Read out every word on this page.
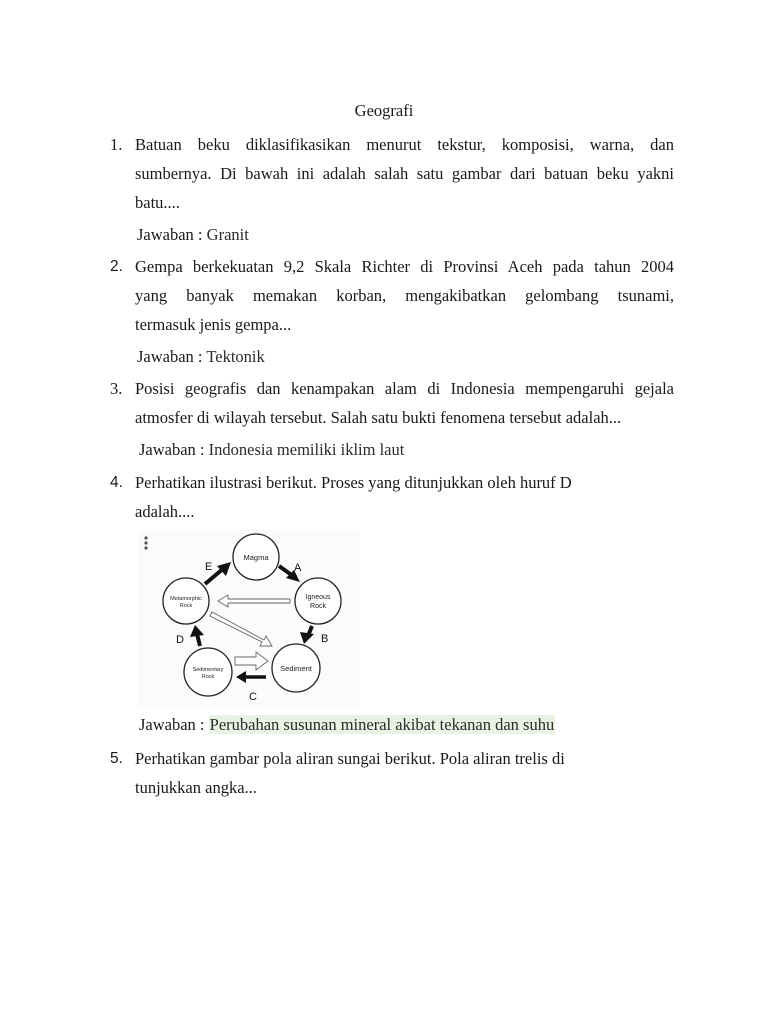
Geografi
1. Batuan beku diklasifikasikan menurut tekstur, komposisi, warna, dan
sumbernya. Di bawah ini adalah salah satu gambar dari batuan beku yakni
batu....
Jawaban : Granit
2. Gempa berkekuatan 9,2 Skala Richter di Provinsi Aceh pada tahun 2004
yang banyak memakan korban, mengakibatkan gelombang tsunami,
termasuk jenis gempa...
Jawaban : Tektonik
3. Posisi geografis dan kenampakan alam di Indonesia mempengaruhi gejala
atmosfer di wilayah tersebut. Salah satu bukti fenomena tersebut adalah...
Jawaban : Indonesia memiliki iklim laut
4. Perhatikan ilustrasi berikut. Proses yang ditunjukkan oleh huruf D
adalah....
Magma
Igneous
Rock
Metamorphic
Rock
Sedimentary
Rock
Sediment
E	A
B
C
D
Jawaban : Perubahan susunan mineral akibat tekanan dan suhu
5. Perhatikan gambar pola aliran sungai berikut. Pola aliran trelis di
tunjukkan angka...
